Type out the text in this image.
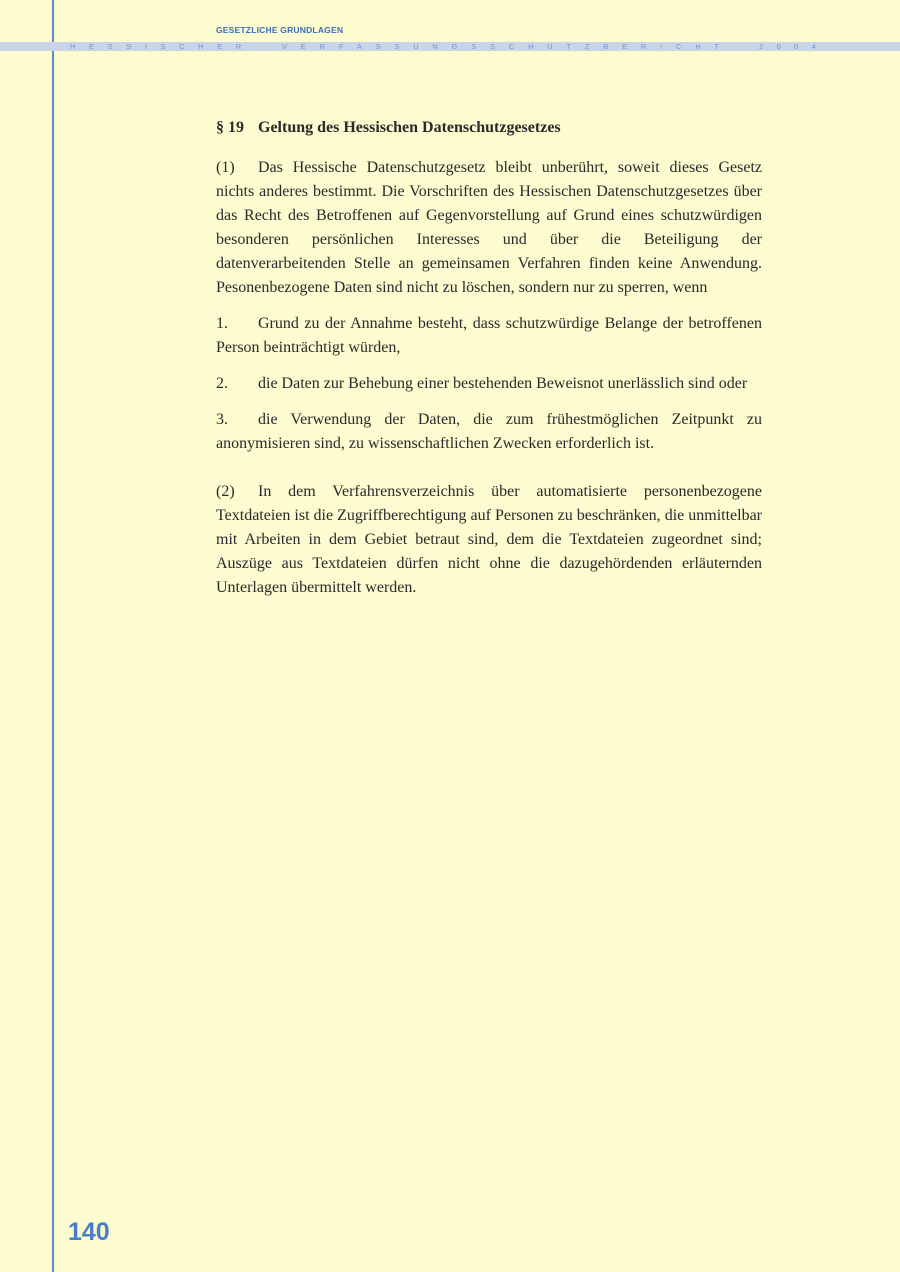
GESETZLICHE GRUNDLAGEN
HESSISCHER	VERFASSUNGSSCHUTZBERICHT	2004

§ 19 Geltung des Hessischen Datenschutzgesetzes

(1) Das Hessische Datenschutzgesetz bleibt unberührt, soweit dieses Gesetz nichts anderes bestimmt. Die Vorschriften des Hessischen Datenschutzgesetzes über das Recht des Betroffenen auf Gegenvorstellung auf Grund eines schutzwürdigen besonderen persönlichen Interesses und über die Beteiligung der datenverarbeitenden Stelle an gemeinsamen Verfahren finden keine Anwendung. Pesonenbezogene Daten sind nicht zu löschen, sondern nur zu sperren, wenn

1. Grund zu der Annahme besteht, dass schutzwürdige Belange der betroffenen Person beinträchtigt würden,

2. die Daten zur Behebung einer bestehenden Beweisnot unerlässlich sind oder

3. die Verwendung der Daten, die zum frühestmöglichen Zeitpunkt zu anonymisieren sind, zu wissenschaftlichen Zwecken erforderlich ist.

(2) In dem Verfahrensverzeichnis über automatisierte personenbezogene Textdateien ist die Zugriffberechtigung auf Personen zu beschränken, die unmittelbar mit Arbeiten in dem Gebiet betraut sind, dem die Textdateien zugeordnet sind; Auszüge aus Textdateien dürfen nicht ohne die dazugehördenden erläuternden Unterlagen übermittelt werden.

140
